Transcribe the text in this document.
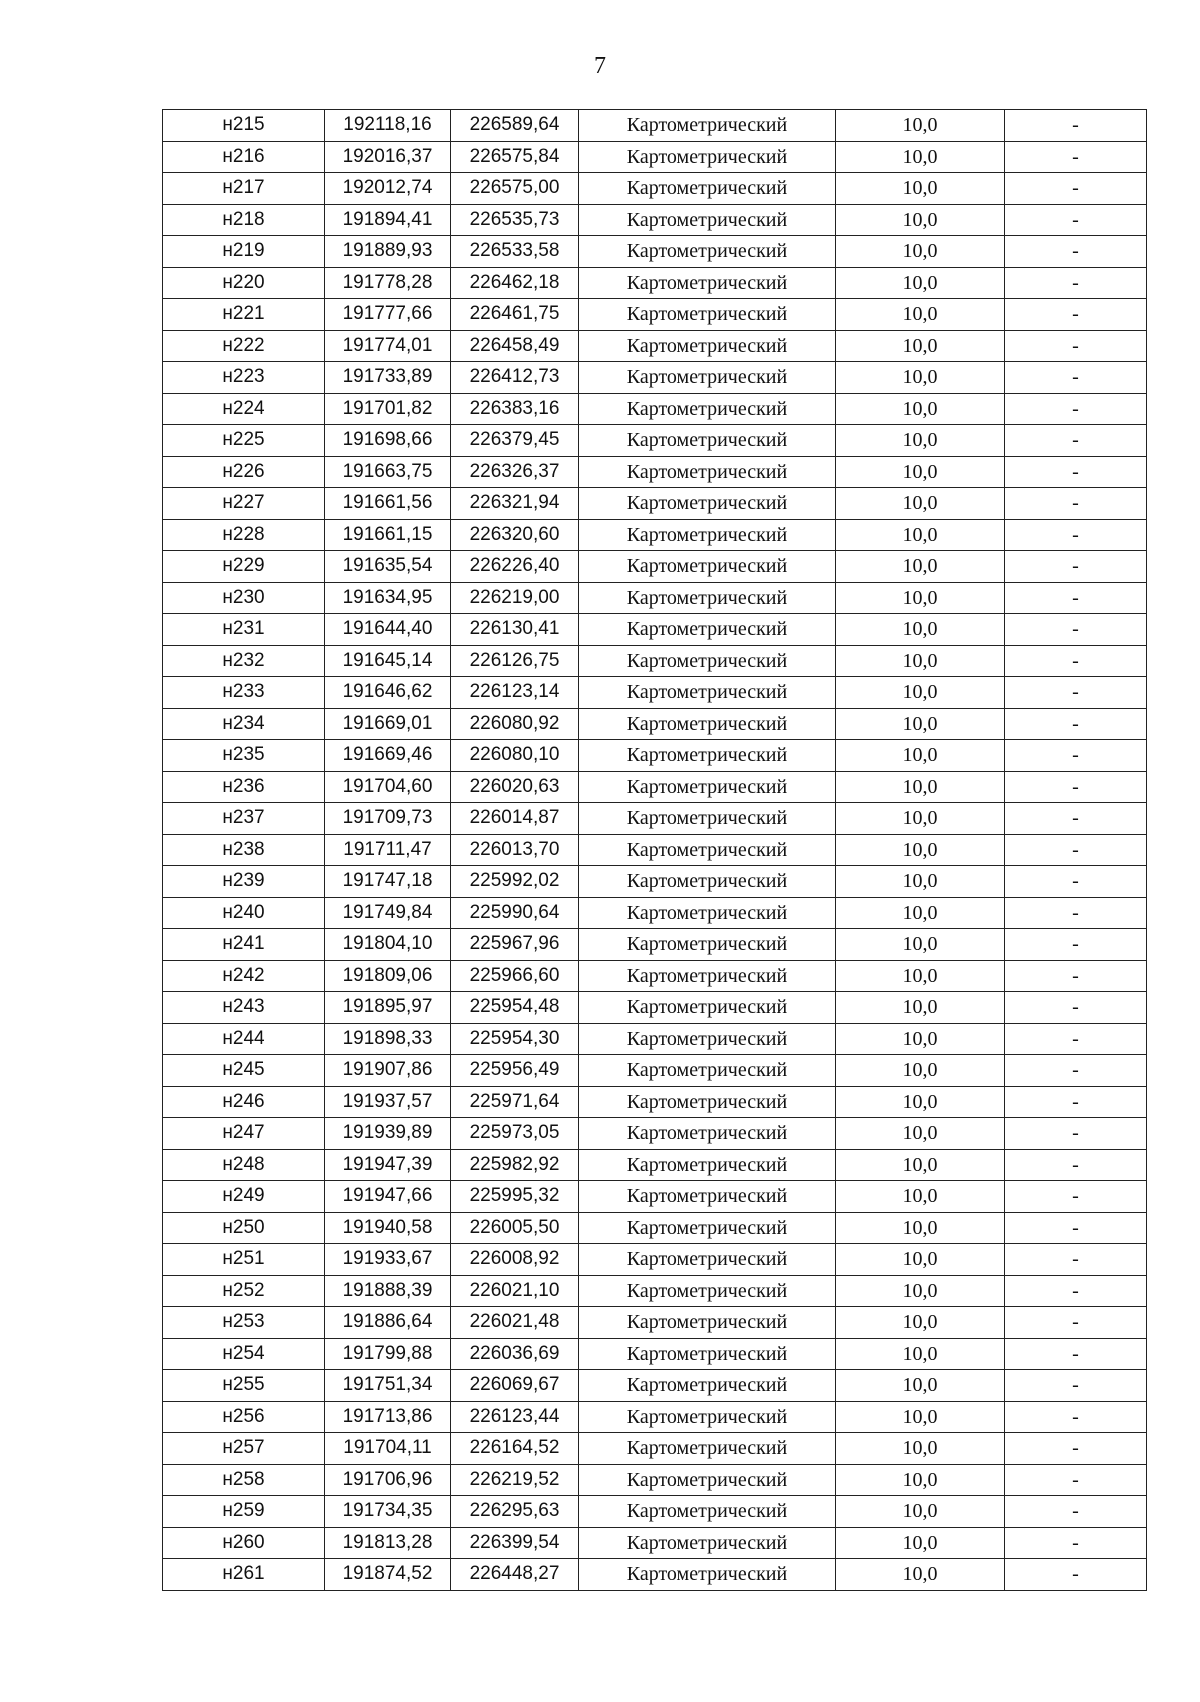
7
н215	192118,16	226589,64	Картометрический	10,0	-
н216	192016,37	226575,84	Картометрический	10,0	-
н217	192012,74	226575,00	Картометрический	10,0	-
н218	191894,41	226535,73	Картометрический	10,0	-
н219	191889,93	226533,58	Картометрический	10,0	-
н220	191778,28	226462,18	Картометрический	10,0	-
н221	191777,66	226461,75	Картометрический	10,0	-
н222	191774,01	226458,49	Картометрический	10,0	-
н223	191733,89	226412,73	Картометрический	10,0	-
н224	191701,82	226383,16	Картометрический	10,0	-
н225	191698,66	226379,45	Картометрический	10,0	-
н226	191663,75	226326,37	Картометрический	10,0	-
н227	191661,56	226321,94	Картометрический	10,0	-
н228	191661,15	226320,60	Картометрический	10,0	-
н229	191635,54	226226,40	Картометрический	10,0	-
н230	191634,95	226219,00	Картометрический	10,0	-
н231	191644,40	226130,41	Картометрический	10,0	-
н232	191645,14	226126,75	Картометрический	10,0	-
н233	191646,62	226123,14	Картометрический	10,0	-
н234	191669,01	226080,92	Картометрический	10,0	-
н235	191669,46	226080,10	Картометрический	10,0	-
н236	191704,60	226020,63	Картометрический	10,0	-
н237	191709,73	226014,87	Картометрический	10,0	-
н238	191711,47	226013,70	Картометрический	10,0	-
н239	191747,18	225992,02	Картометрический	10,0	-
н240	191749,84	225990,64	Картометрический	10,0	-
н241	191804,10	225967,96	Картометрический	10,0	-
н242	191809,06	225966,60	Картометрический	10,0	-
н243	191895,97	225954,48	Картометрический	10,0	-
н244	191898,33	225954,30	Картометрический	10,0	-
н245	191907,86	225956,49	Картометрический	10,0	-
н246	191937,57	225971,64	Картометрический	10,0	-
н247	191939,89	225973,05	Картометрический	10,0	-
н248	191947,39	225982,92	Картометрический	10,0	-
н249	191947,66	225995,32	Картометрический	10,0	-
н250	191940,58	226005,50	Картометрический	10,0	-
н251	191933,67	226008,92	Картометрический	10,0	-
н252	191888,39	226021,10	Картометрический	10,0	-
н253	191886,64	226021,48	Картометрический	10,0	-
н254	191799,88	226036,69	Картометрический	10,0	-
н255	191751,34	226069,67	Картометрический	10,0	-
н256	191713,86	226123,44	Картометрический	10,0	-
н257	191704,11	226164,52	Картометрический	10,0	-
н258	191706,96	226219,52	Картометрический	10,0	-
н259	191734,35	226295,63	Картометрический	10,0	-
н260	191813,28	226399,54	Картометрический	10,0	-
н261	191874,52	226448,27	Картометрический	10,0	-
